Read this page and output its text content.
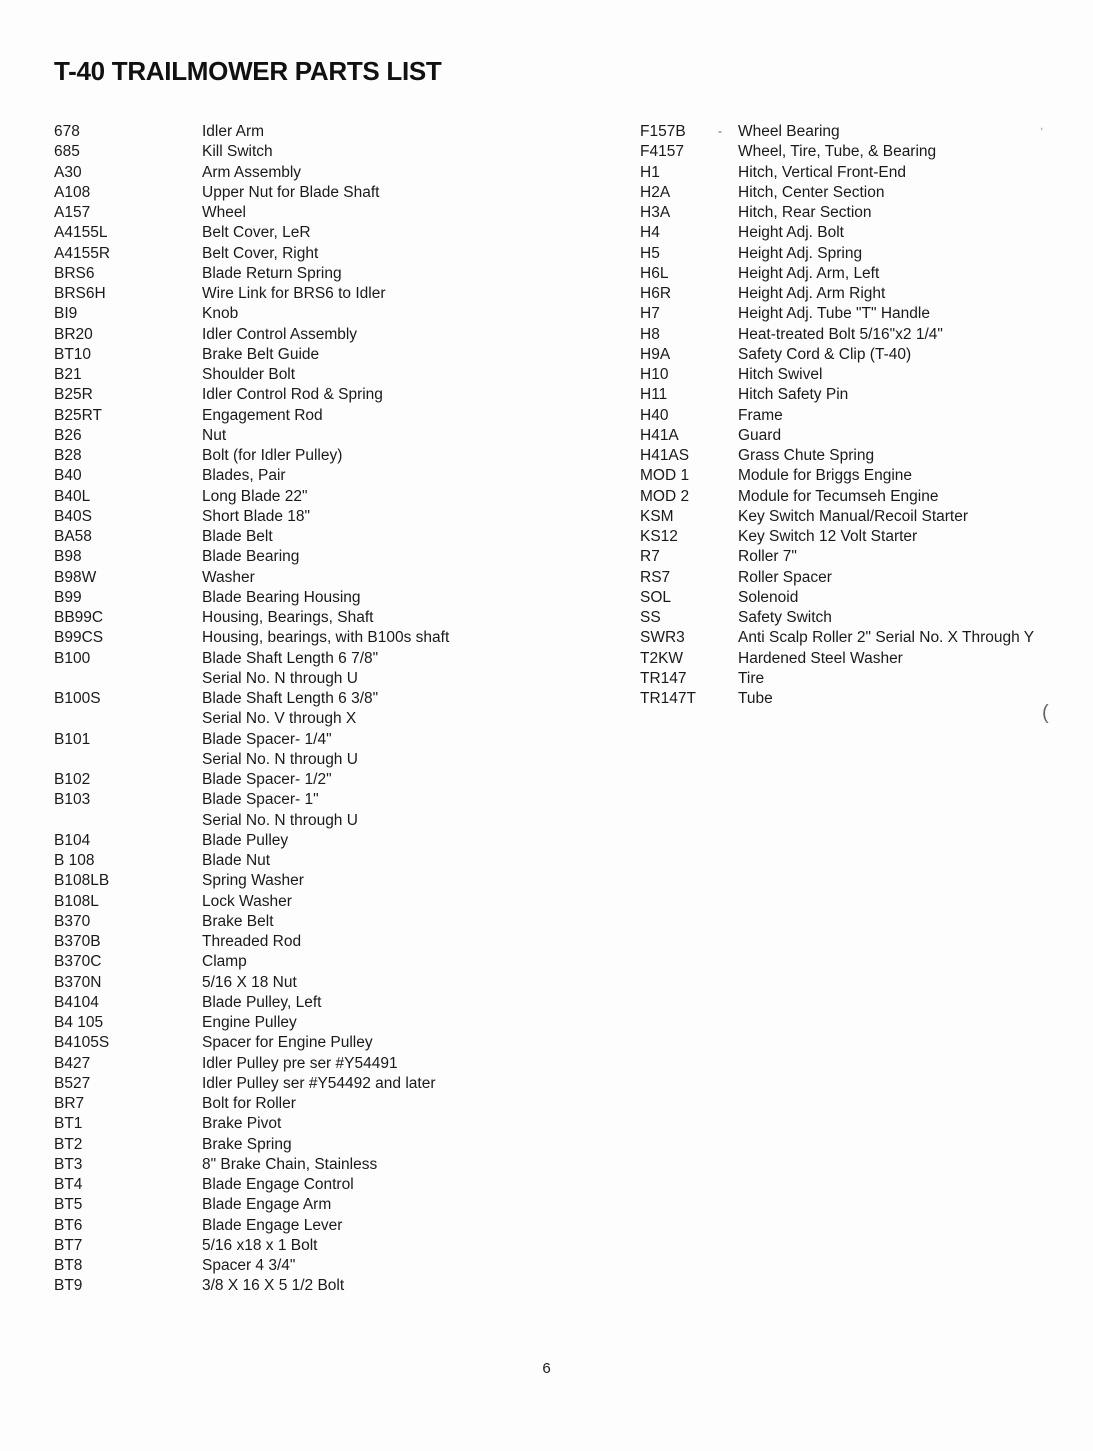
T-40 TRAILMOWER PARTS LIST
678	Idler Arm
685	Kill Switch
A30	Arm Assembly
A108	Upper Nut for Blade Shaft
A157	Wheel
A4155L	Belt Cover, LeR
A4155R	Belt Cover, Right
BRS6	Blade Return Spring
BRS6H	Wire Link for BRS6 to Idler
BI9	Knob
BR20	Idler Control Assembly
BT10	Brake Belt Guide
B21	Shoulder Bolt
B25R	Idler Control Rod & Spring
B25RT	Engagement Rod
B26	Nut
B28	Bolt (for Idler Pulley)
B40	Blades, Pair
B40L	Long Blade 22"
B40S	Short Blade 18"
BA58	Blade Belt
B98	Blade Bearing
B98W	Washer
B99	Blade Bearing Housing
BB99C	Housing, Bearings, Shaft
B99CS	Housing, bearings, with B100s shaft
B100	Blade Shaft Length 6 7/8"
Serial No. N through U
B100S	Blade Shaft Length 6 3/8"
Serial No. V through X
B101	Blade Spacer- 1/4"
Serial No. N through U
B102	Blade Spacer- 1/2"
B103	Blade Spacer- 1"
Serial No. N through U
B104	Blade Pulley
B 108	Blade Nut
B108LB	Spring Washer
B108L	Lock Washer
B370	Brake Belt
B370B	Threaded Rod
B370C	Clamp
B370N	5/16 X 18 Nut
B4104	Blade Pulley, Left
B4 105	Engine Pulley
B4105S	Spacer for Engine Pulley
B427	Idler Pulley pre ser #Y54491
B527	Idler Pulley ser #Y54492 and later
BR7	Bolt for Roller
BT1	Brake Pivot
BT2	Brake Spring
BT3	8" Brake Chain, Stainless
BT4	Blade Engage Control
BT5	Blade Engage Arm
BT6	Blade Engage Lever
BT7	5/16 x18 x 1 Bolt
BT8	Spacer 4 3/4"
BT9	3/8 X 16 X 5 1/2 Bolt
F157B	Wheel Bearing
F4157	Wheel, Tire, Tube, & Bearing
H1	Hitch, Vertical Front-End
H2A	Hitch, Center Section
H3A	Hitch, Rear Section
H4	Height Adj. Bolt
H5	Height Adj. Spring
H6L	Height Adj. Arm, Left
H6R	Height Adj. Arm Right
H7	Height Adj. Tube "T" Handle
H8	Heat-treated Bolt 5/16"x2 1/4"
H9A	Safety Cord & Clip (T-40)
H10	Hitch Swivel
H11	Hitch Safety Pin
H40	Frame
H41A	Guard
H41AS	Grass Chute Spring
MOD 1	Module for Briggs Engine
MOD 2	Module for Tecumseh Engine
KSM	Key Switch Manual/Recoil Starter
KS12	Key Switch 12 Volt Starter
R7	Roller 7"
RS7	Roller Spacer
SOL	Solenoid
SS	Safety Switch
SWR3	Anti Scalp Roller 2" Serial No. X Through Y
T2KW	Hardened Steel Washer
TR147	Tire
TR147T	Tube
-	,
(
6
